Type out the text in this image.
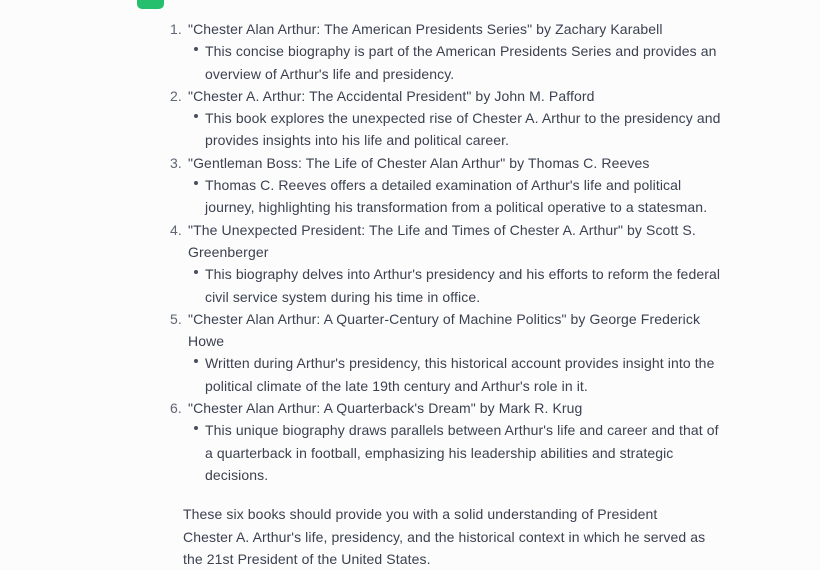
1. "Chester Alan Arthur: The American Presidents Series" by Zachary Karabell
This concise biography is part of the American Presidents Series and provides an overview of Arthur's life and presidency.
2. "Chester A. Arthur: The Accidental President" by John M. Pafford
This book explores the unexpected rise of Chester A. Arthur to the presidency and provides insights into his life and political career.
3. "Gentleman Boss: The Life of Chester Alan Arthur" by Thomas C. Reeves
Thomas C. Reeves offers a detailed examination of Arthur's life and political journey, highlighting his transformation from a political operative to a statesman.
4. "The Unexpected President: The Life and Times of Chester A. Arthur" by Scott S. Greenberger
This biography delves into Arthur's presidency and his efforts to reform the federal civil service system during his time in office.
5. "Chester Alan Arthur: A Quarter-Century of Machine Politics" by George Frederick Howe
Written during Arthur's presidency, this historical account provides insight into the political climate of the late 19th century and Arthur's role in it.
6. "Chester Alan Arthur: A Quarterback's Dream" by Mark R. Krug
This unique biography draws parallels between Arthur's life and career and that of a quarterback in football, emphasizing his leadership abilities and strategic decisions.

These six books should provide you with a solid understanding of President Chester A. Arthur's life, presidency, and the historical context in which he served as the 21st President of the United States.
